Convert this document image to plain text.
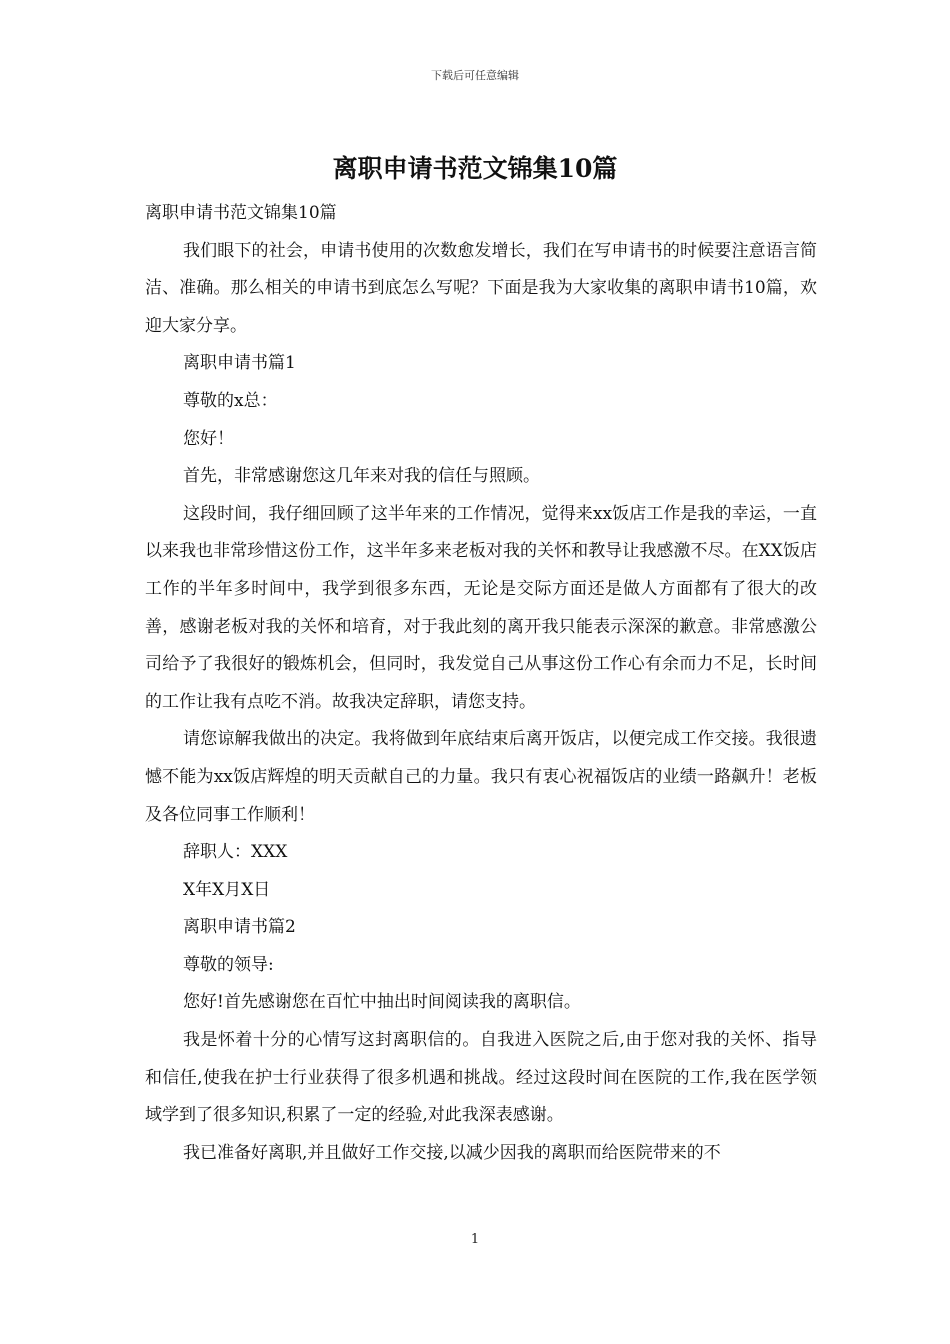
下载后可任意编辑
离职申请书范文锦集10篇

离职申请书范文锦集10篇

我们眼下的社会，申请书使用的次数愈发增长，我们在写申请书的时候要注意语言简洁、准确。那么相关的申请书到底怎么写呢？下面是我为大家收集的离职申请书10篇，欢迎大家分享。

离职申请书篇1

尊敬的x总：

您好！

首先，非常感谢您这几年来对我的信任与照顾。

这段时间，我仔细回顾了这半年来的工作情况，觉得来xx饭店工作是我的幸运，一直以来我也非常珍惜这份工作，这半年多来老板对我的关怀和教导让我感激不尽。在XX饭店工作的半年多时间中，我学到很多东西，无论是交际方面还是做人方面都有了很大的改善，感谢老板对我的关怀和培育，对于我此刻的离开我只能表示深深的歉意。非常感激公司给予了我很好的锻炼机会，但同时，我发觉自己从事这份工作心有余而力不足，长时间的工作让我有点吃不消。故我决定辞职，请您支持。

请您谅解我做出的决定。我将做到年底结束后离开饭店，以便完成工作交接。我很遗憾不能为xx饭店辉煌的明天贡献自己的力量。我只有衷心祝福饭店的业绩一路飙升！老板及各位同事工作顺利！

辞职人：XXX

X年X月X日

离职申请书篇2

尊敬的领导:

您好!首先感谢您在百忙中抽出时间阅读我的离职信。

我是怀着十分的心情写这封离职信的。自我进入医院之后,由于您对我的关怀、指导和信任,使我在护士行业获得了很多机遇和挑战。经过这段时间在医院的工作,我在医学领域学到了很多知识,积累了一定的经验,对此我深表感谢。

我已准备好离职,并且做好工作交接,以减少因我的离职而给医院带来的不

1
